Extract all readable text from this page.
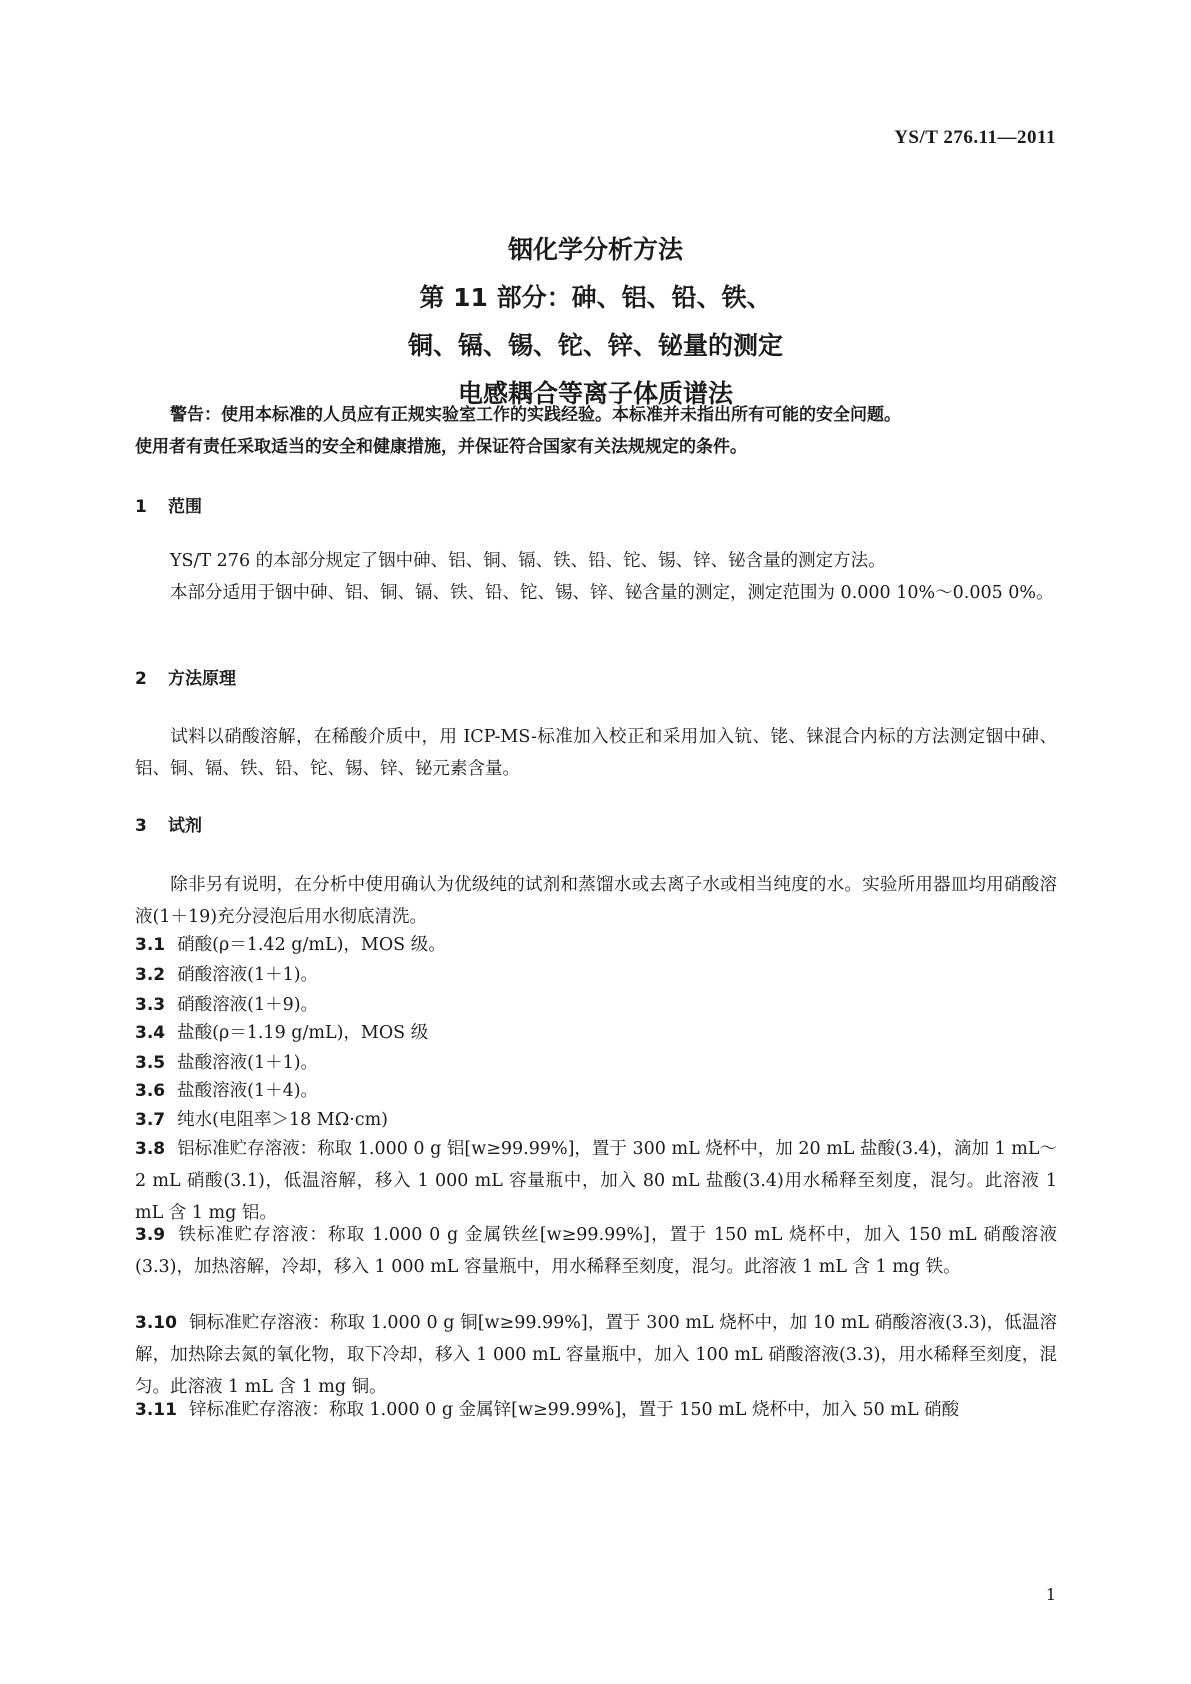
YS/T 276.11—2011
铟化学分析方法
第 11 部分：砷、铝、铅、铁、
铜、镉、锡、铊、锌、铋量的测定
电感耦合等离子体质谱法
警告：使用本标准的人员应有正规实验室工作的实践经验。本标准并未指出所有可能的安全问题。
使用者有责任采取适当的安全和健康措施，并保证符合国家有关法规规定的条件。
1 范围
YS/T 276 的本部分规定了铟中砷、铝、铜、镉、铁、铅、铊、锡、锌、铋含量的测定方法。
本部分适用于铟中砷、铝、铜、镉、铁、铅、铊、锡、锌、铋含量的测定，测定范围为 0.000 10%～0.005 0%。
2 方法原理
试料以硝酸溶解，在稀酸介质中，用 ICP-MS-标准加入校正和采用加入钪、铑、铼混合内标的方法测定铟中砷、铝、铜、镉、铁、铅、铊、锡、锌、铋元素含量。
3 试剂
除非另有说明，在分析中使用确认为优级纯的试剂和蒸馏水或去离子水或相当纯度的水。实验所用器皿均用硝酸溶液(1＋19)充分浸泡后用水彻底清洗。
3.1 硝酸(ρ＝1.42 g/mL)，MOS 级。
3.2 硝酸溶液(1＋1)。
3.3 硝酸溶液(1＋9)。
3.4 盐酸(ρ＝1.19 g/mL)，MOS 级
3.5 盐酸溶液(1＋1)。
3.6 盐酸溶液(1＋4)。
3.7 纯水(电阻率＞18 MΩ·cm)
3.8 铝标准贮存溶液：称取 1.000 0 g 铝[w≥99.99%]，置于 300 mL 烧杯中，加 20 mL 盐酸(3.4)，滴加 1 mL～2 mL 硝酸(3.1)，低温溶解，移入 1 000 mL 容量瓶中，加入 80 mL 盐酸(3.4)用水稀释至刻度，混匀。此溶液 1 mL 含 1 mg 铝。
3.9 铁标准贮存溶液：称取 1.000 0 g 金属铁丝[w≥99.99%]，置于 150 mL 烧杯中，加入 150 mL 硝酸溶液(3.3)，加热溶解，冷却，移入 1 000 mL 容量瓶中，用水稀释至刻度，混匀。此溶液 1 mL 含 1 mg 铁。
3.10 铜标准贮存溶液：称取 1.000 0 g 铜[w≥99.99%]，置于 300 mL 烧杯中，加 10 mL 硝酸溶液(3.3)，低温溶解，加热除去氮的氧化物，取下冷却，移入 1 000 mL 容量瓶中，加入 100 mL 硝酸溶液(3.3)，用水稀释至刻度，混匀。此溶液 1 mL 含 1 mg 铜。
3.11 锌标准贮存溶液：称取 1.000 0 g 金属锌[w≥99.99%]，置于 150 mL 烧杯中，加入 50 mL 硝酸
1
